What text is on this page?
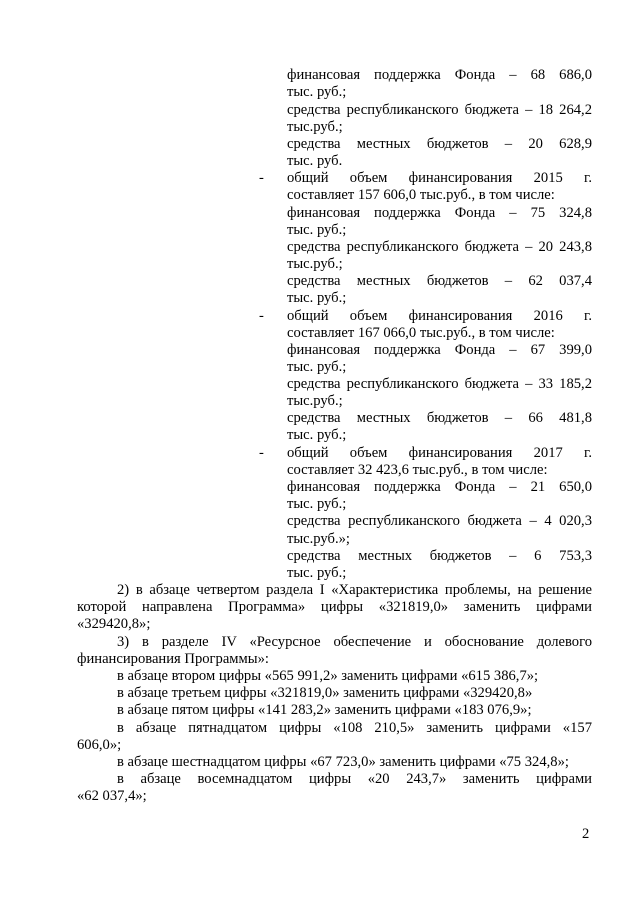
финансовая поддержка Фонда – 68 686,0
тыс. руб.;
средства республиканского бюджета – 18 264,2
тыс.руб.;
средства местных бюджетов – 20 628,9
тыс. руб.
- общий объем финансирования 2015 г.
составляет 157 606,0 тыс.руб., в том числе:
финансовая поддержка Фонда – 75 324,8
тыс. руб.;
средства республиканского бюджета – 20 243,8
тыс.руб.;
средства местных бюджетов – 62 037,4
тыс. руб.;
- общий объем финансирования 2016 г.
составляет 167 066,0 тыс.руб., в том числе:
финансовая поддержка Фонда – 67 399,0
тыс. руб.;
средства республиканского бюджета – 33 185,2
тыс.руб.;
средства местных бюджетов – 66 481,8
тыс. руб.;
- общий объем финансирования 2017 г.
составляет 32 423,6 тыс.руб., в том числе:
финансовая поддержка Фонда – 21 650,0
тыс. руб.;
средства республиканского бюджета – 4 020,3
тыс.руб.»;
средства местных бюджетов – 6 753,3
тыс. руб.;
2) в абзаце четвертом раздела I «Характеристика проблемы, на решение
которой направлена Программа» цифры «321819,0» заменить цифрами
«329420,8»;
3) в разделе IV «Ресурсное обеспечение и обоснование долевого
финансирования Программы»:
в абзаце втором цифры «565 991,2» заменить цифрами «615 386,7»;
в абзаце третьем цифры «321819,0» заменить цифрами «329420,8»
в абзаце пятом цифры «141 283,2» заменить цифрами «183 076,9»;
в абзаце пятнадцатом цифры «108 210,5» заменить цифрами «157
606,0»;
в абзаце шестнадцатом цифры «67 723,0» заменить цифрами «75 324,8»;
в абзаце восемнадцатом цифры «20 243,7» заменить цифрами
«62 037,4»;
2
